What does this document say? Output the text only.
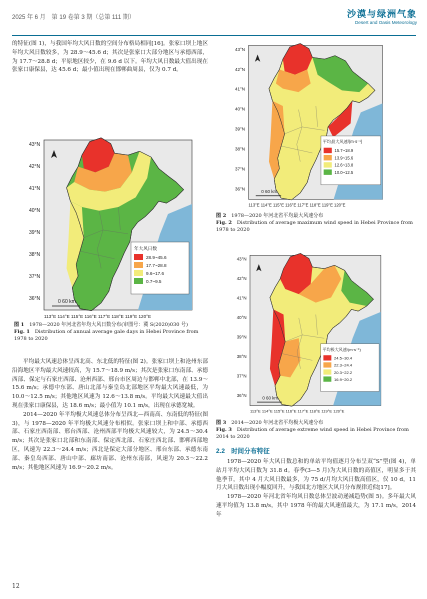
2025 年 6 月　第 19 卷第 3 期（总第 111 期）	沙漠与绿洲气象
Desert and Oasis Meteorology

的特征(图 1)，与我国年均大风日数的空间分布格局相同[16]。张家口坝上地区年均大风日数较多，为 28.9～45.6 d；其次是张家口大部分地区与承德西部，为 17.7～28.8 d；平原地区较少，在 9.6 d 以下。年均大风日数最大值出现在张家口康保县，达 45.6 d；最小值出现在邯郸曲周县，仅为 0.7 d。

43°N
42°N
41°N
40°N
39°N
38°N
37°N
36°N
年大风日数
28.9~45.6
17.7~28.8
9.6~17.6
0.7~9.5
0 60 km
113°E 114°E 115°E 116°E 117°E 118°E 119°E 120°E
图 1　 1978—2020 年河北省年均大风日数分布(审图号：冀 S(2020)030 号)
Fig. 1　 Distribution of annual average gale days in Hebei Province from 1978 to 2020

平均最大风速总体呈西北高、东北低的特征(图 2)。张家口坝上和沧州东部沿海地区平均最大风速较高，为 15.7～18.9 m/s；其次是张家口东南部、承德西部、保定与石家庄西部、沧州西部、邢台市区周边与邯郸中北部，在 13.9～15.6 m/s；承德中东部、唐山北部与秦皇岛北部地区平均最大风速最低，为 10.0～12.5 m/s；其他地区风速为 12.6～13.8 m/s。平均最大风速最大值出现在张家口康保县，达 18.6 m/s；最小值为 10.1 m/s，出现在承德宽城。

2014—2020 年平均极大风速总体分布呈西北—西南高、东南低的特征(图 3)，与 1978—2020 年平均极大风速分布相似。张家口坝上和中部、承德西部、石家庄西南部、邢台西部、沧州西部平均极大风速较大，为 24.5～30.4 m/s；其次是张家口北部和东南部、保定西北部、石家庄西北部、邯郸西部地区，风速为 22.3～24.4 m/s；西北是保定大部分地区、邢台东部、承德东南部、秦皇岛西部、唐山中部、廊坊南部、沧州东南部，风速为 20.3～22.2 m/s；其他地区风速为 16.9～20.2 m/s。

43°N
42°N
41°N
40°N
39°N
38°N
37°N
36°N
平均最大风速/(m·s⁻¹)
15.7~18.9
13.9~15.6
12.6~13.8
10.0~12.5
0 60 km
113°E 114°E 115°E 116°E 117°E 118°E 119°E 120°E
图 2　 1978—2020 年河北省平均最大风速分布
Fig. 2　 Distribution of average maximum wind speed in Hebei Province from 1978 to 2020
43°N
42°N
41°N
40°N
39°N
38°N
37°N
36°N
平均极大风速/(m·s⁻¹)
24.5~30.4
22.3~24.4
20.3~22.2
16.9~20.2
0 60 km
113°E 114°E 115°E 116°E 117°E 118°E 119°E 120°E
图 3　 2014—2020 年河北省平均极大风速分布
Fig. 3　 Distribution of average extreme wind speed in Hebei Province from 2014 to 2020
2.2　时间分布特征

1978—2020 年大风日数总和的单站平均值逐月分布呈双“S”型(图 4)，单站月平均大风日数为 31.8 d。春季(3—5 月)为大风日数的高值区，明显多于其他季节，其中 4 月大风日数最多，为 75 d/月均大风日数高值区，仅 10 d，11 月大风日数出现小幅度回升，与我国北方地区大风月分布规律近似[17]。

1978—2020 年河北省年均风日数总体呈波动递减趋势(图 5)。多年最大风速平均值为 13.8 m/s，其中 1978 年的最大风速值最大，为 17.1 m/s，2014 年

12
